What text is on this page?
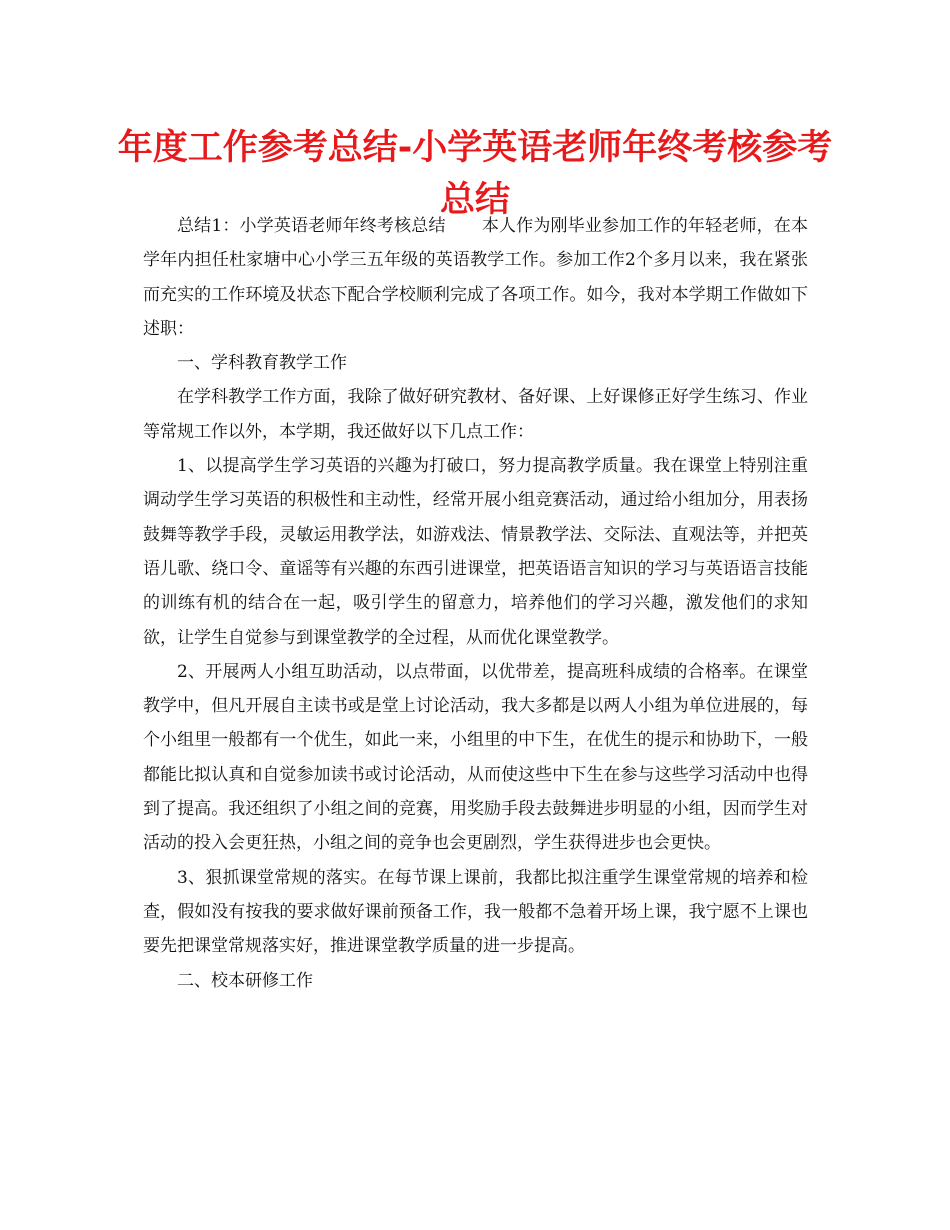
年度工作参考总结-小学英语老师年终考核参考总结

总结1：小学英语老师年终考核总结 本人作为刚毕业参加工作的年轻老师，在本学年内担任杜家塘中心小学三五年级的英语教学工作。参加工作2个多月以来，我在紧张而充实的工作环境及状态下配合学校顺利完成了各项工作。如今，我对本学期工作做如下述职：

一、学科教育教学工作

在学科教学工作方面，我除了做好研究教材、备好课、上好课修正好学生练习、作业等常规工作以外，本学期，我还做好以下几点工作：

1、以提高学生学习英语的兴趣为打破口，努力提高教学质量。我在课堂上特别注重调动学生学习英语的积极性和主动性，经常开展小组竞赛活动，通过给小组加分，用表扬鼓舞等教学手段，灵敏运用教学法，如游戏法、情景教学法、交际法、直观法等，并把英语儿歌、绕口令、童谣等有兴趣的东西引进课堂，把英语语言知识的学习与英语语言技能的训练有机的结合在一起，吸引学生的留意力，培养他们的学习兴趣，激发他们的求知欲，让学生自觉参与到课堂教学的全过程，从而优化课堂教学。

2、开展两人小组互助活动，以点带面，以优带差，提高班科成绩的合格率。在课堂教学中，但凡开展自主读书或是堂上讨论活动，我大多都是以两人小组为单位进展的，每个小组里一般都有一个优生，如此一来，小组里的中下生，在优生的提示和协助下，一般都能比拟认真和自觉参加读书或讨论活动，从而使这些中下生在参与这些学习活动中也得到了提高。我还组织了小组之间的竞赛，用奖励手段去鼓舞进步明显的小组，因而学生对活动的投入会更狂热，小组之间的竞争也会更剧烈，学生获得进步也会更快。

3、狠抓课堂常规的落实。在每节课上课前，我都比拟注重学生课堂常规的培养和检查，假如没有按我的要求做好课前预备工作，我一般都不急着开场上课，我宁愿不上课也要先把课堂常规落实好，推进课堂教学质量的进一步提高。

二、校本研修工作
